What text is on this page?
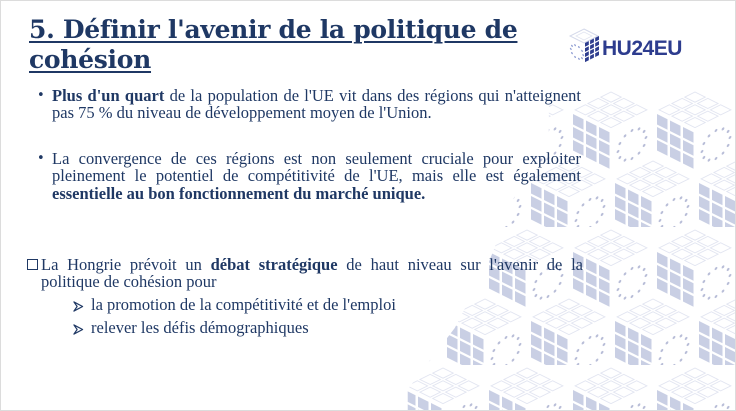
5. Définir l'avenir de la politique de cohésion	HU24EU
• Plus d'un quart de la population de l'UE vit dans des régions qui n'atteignent pas 75 % du niveau de développement moyen de l'Union.
• La convergence de ces régions est non seulement cruciale pour exploiter pleinement le potentiel de compétitivité de l'UE, mais elle est également essentielle au bon fonctionnement du marché unique.
La Hongrie prévoit un débat stratégique de haut niveau sur l'avenir de la politique de cohésion pour
la promotion de la compétitivité et de l'emploi
relever les défis démographiques
